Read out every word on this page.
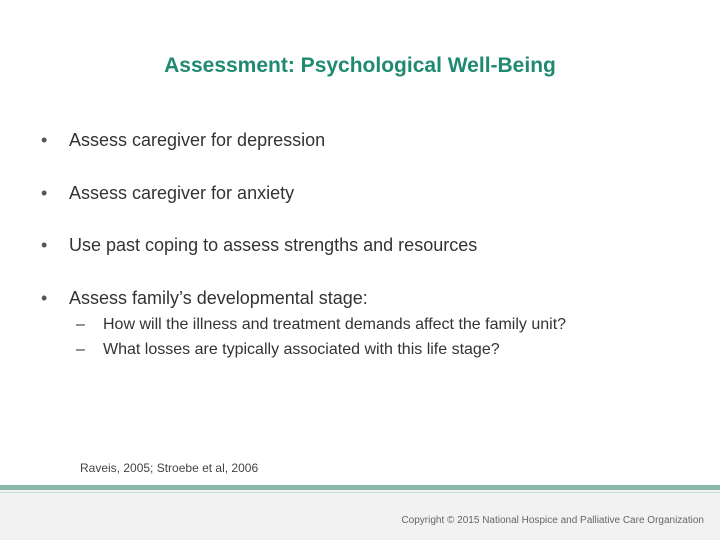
Assessment: Psychological Well-Being
• Assess caregiver for depression
• Assess caregiver for anxiety
• Use past coping to assess strengths and resources
• Assess family’s developmental stage:
– How will the illness and treatment demands affect the family unit?
– What losses are typically associated with this life stage?
Raveis, 2005; Stroebe et al, 2006
Copyright © 2015 National Hospice and Palliative Care Organization
